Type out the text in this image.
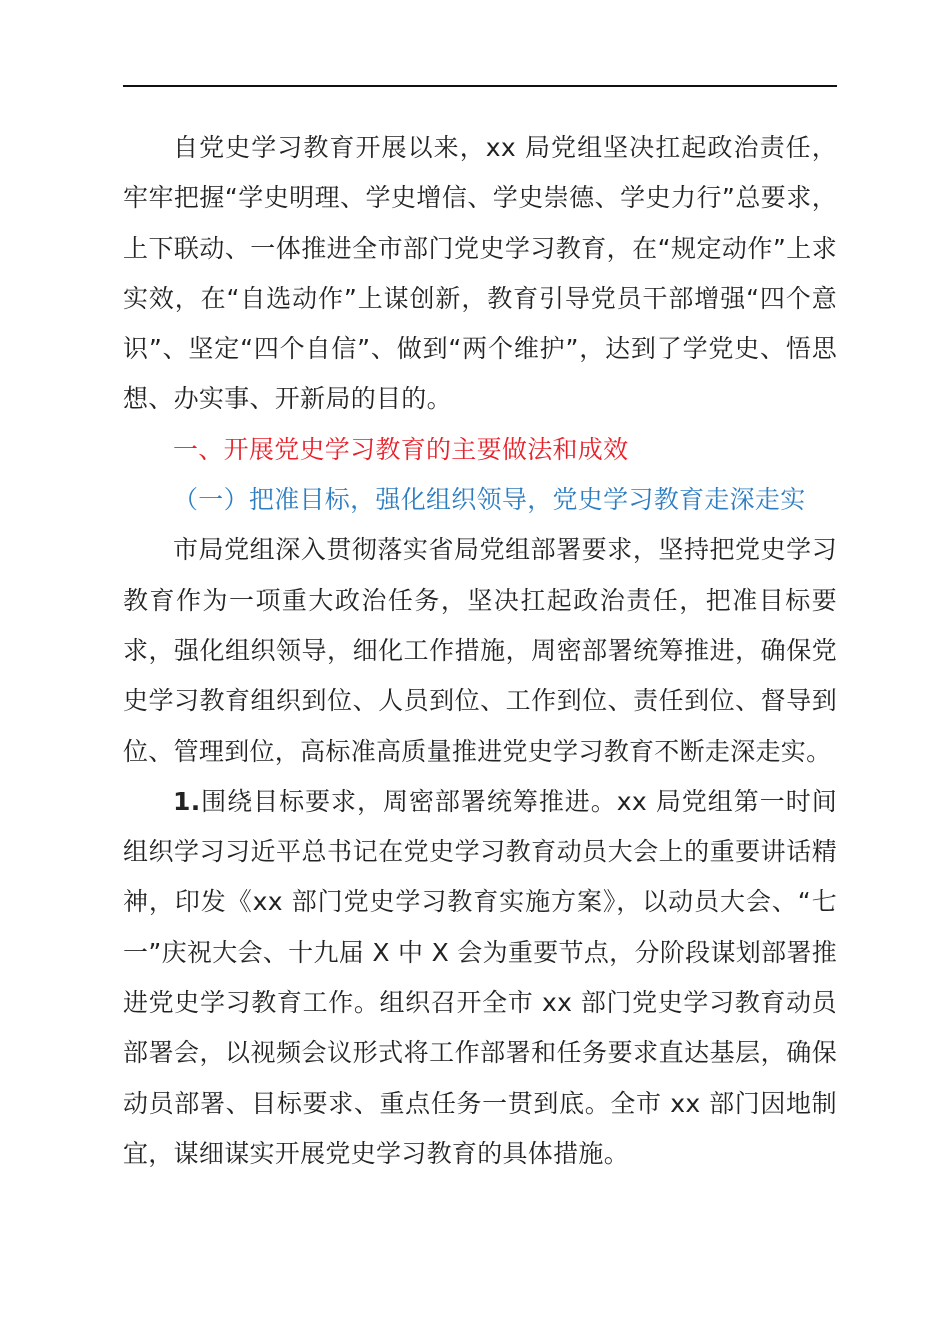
自党史学习教育开展以来，xx 局党组坚决扛起政治责任，牢牢把握“学史明理、学史增信、学史崇德、学史力行”总要求，上下联动、一体推进全市部门党史学习教育，在“规定动作”上求实效，在“自选动作”上谋创新，教育引导党员干部增强“四个意识”、坚定“四个自信”、做到“两个维护”，达到了学党史、悟思想、办实事、开新局的目的。

一、开展党史学习教育的主要做法和成效

（一）把准目标，强化组织领导，党史学习教育走深走实

市局党组深入贯彻落实省局党组部署要求，坚持把党史学习教育作为一项重大政治任务，坚决扛起政治责任，把准目标要求，强化组织领导，细化工作措施，周密部署统筹推进，确保党史学习教育组织到位、人员到位、工作到位、责任到位、督导到位、管理到位，高标准高质量推进党史学习教育不断走深走实。

1.围绕目标要求，周密部署统筹推进。xx 局党组第一时间组织学习习近平总书记在党史学习教育动员大会上的重要讲话精神，印发《xx 部门党史学习教育实施方案》，以动员大会、“七一”庆祝大会、十九届 X 中 X 会为重要节点，分阶段谋划部署推进党史学习教育工作。组织召开全市 xx 部门党史学习教育动员部署会，以视频会议形式将工作部署和任务要求直达基层，确保动员部署、目标要求、重点任务一贯到底。全市 xx 部门因地制宜，谋细谋实开展党史学习教育的具体措施。
